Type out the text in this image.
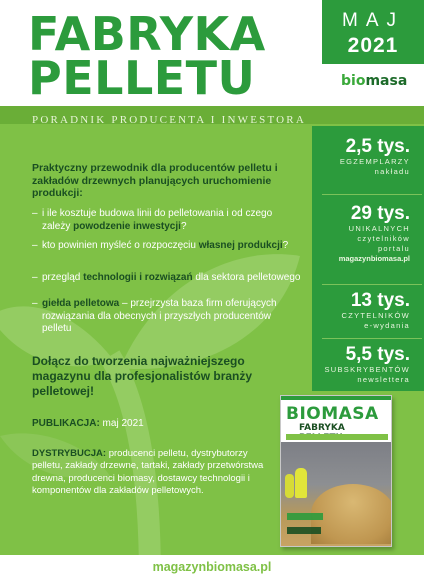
FABRYKA
PELLETU
MAJ
2021
biomasa
PORADNIK PRODUCENTA I INWESTORA
2,5 tys.
EGZEMPLARZY
nakładu
29 tys.
UNIKALNYCH
czytelników
portalu
magazynbiomasa.pl
13 tys.
CZYTELNIKÓW
e-wydania
5,5 tys.
SUBSKRYBENTÓW
newslettera
Praktyczny przewodnik dla producentów pelletu i zakładów drzewnych planujących uruchomienie produkcji:
– i ile kosztuje budowa linii do pelletowania i od czego zależy powodzenie inwestycji?
– kto powinien myśleć o rozpoczęciu własnej produkcji?
– przegląd technologii i rozwiązań dla sektora pelletowego
– giełda pelletowa – przejrzysta baza firm oferujących rozwiązania dla obecnych i przyszłych producentów pelletu
Dołącz do tworzenia najważniejszego magazynu dla profesjonalistów branży pelletowej!
PUBLIKACJA: maj 2021
DYSTRYBUCJA: producenci pelletu, dystrybutorzy pelletu, zakłady drzewne, tartaki, zakłady przetwórstwa drewna, producenci biomasy, dostawcy technologii i komponentów dla zakładów pelletowych.
BIOMASA
FABRYKA
magazynbiomasa.pl
